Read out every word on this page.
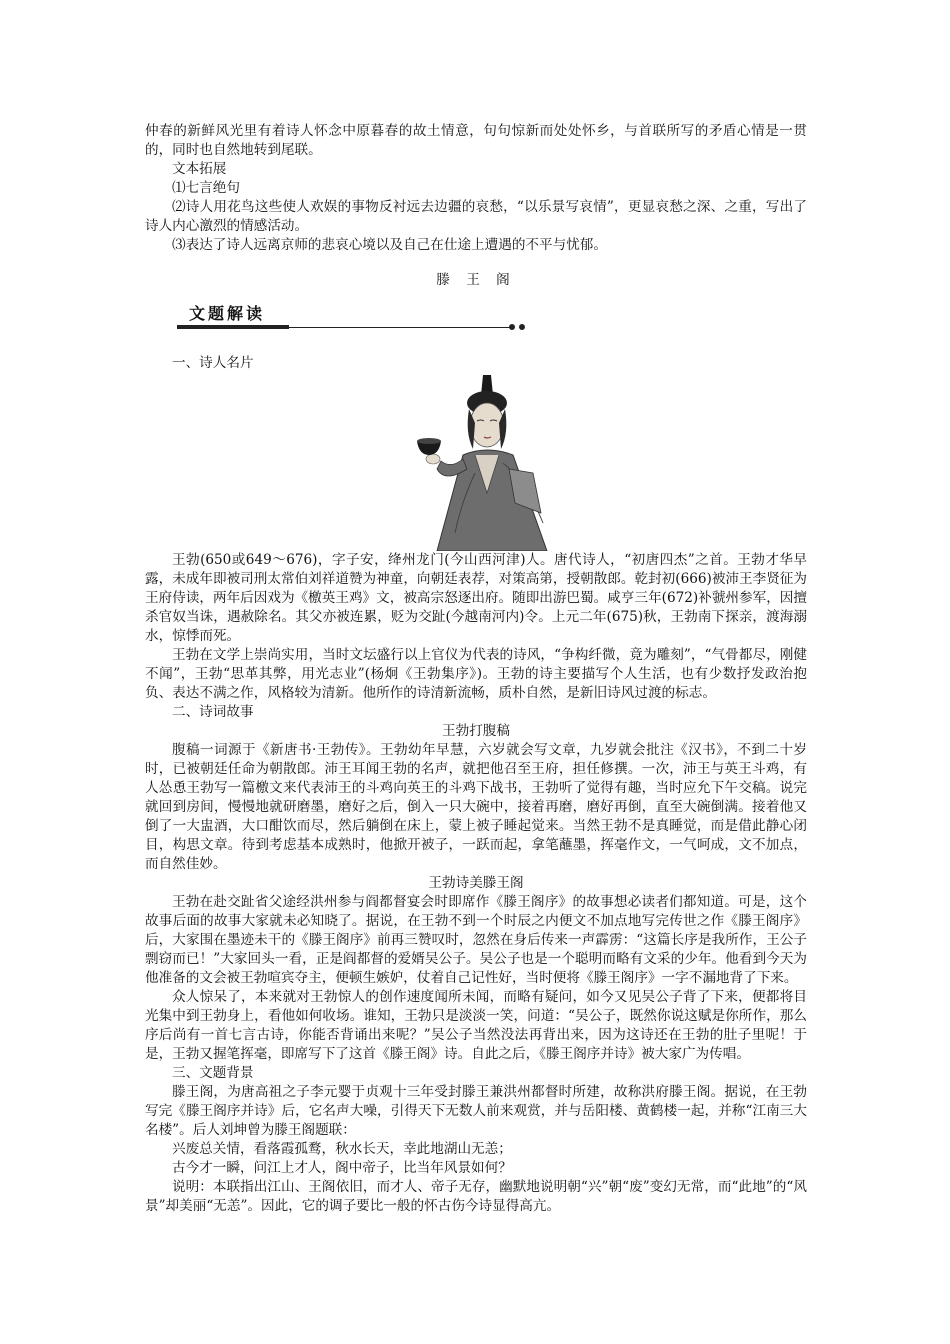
仲春的新鲜风光里有着诗人怀念中原暮春的故土情意，句句惊新而处处怀乡，与首联所写的矛盾心情是一贯的，同时也自然地转到尾联。

文本拓展

⑴七言绝句

⑵诗人用花鸟这些使人欢娱的事物反衬远去边疆的哀愁，“以乐景写哀情”，更显哀愁之深、之重，写出了诗人内心激烈的情感活动。

⑶表达了诗人远离京师的悲哀心境以及自己在仕途上遭遇的不平与忧郁。

滕 王 阁

文题解读

一、诗人名片

王勃(650或649～676)，字子安，绛州龙门(今山西河津)人。唐代诗人，“初唐四杰”之首。王勃才华早露，未成年即被司刑太常伯刘祥道赞为神童，向朝廷表荐，对策高第，授朝散郎。乾封初(666)被沛王李贤征为王府侍读，两年后因戏为《檄英王鸡》文，被高宗怒逐出府。随即出游巴蜀。咸亨三年(672)补虢州参军，因擅杀官奴当诛，遇赦除名。其父亦被连累，贬为交趾(今越南河内)令。上元二年(675)秋，王勃南下探亲，渡海溺水，惊悸而死。

王勃在文学上崇尚实用，当时文坛盛行以上官仪为代表的诗风，“争构纤微，竟为雕刻”，“气骨都尽，刚健不闻”，王勃“思革其弊，用光志业”(杨炯《王勃集序》)。王勃的诗主要描写个人生活，也有少数抒发政治抱负、表达不满之作，风格较为清新。他所作的诗清新流畅，质朴自然，是新旧诗风过渡的标志。

二、诗词故事

王勃打腹稿

腹稿一词源于《新唐书·王勃传》。王勃幼年早慧，六岁就会写文章，九岁就会批注《汉书》，不到二十岁时，已被朝廷任命为朝散郎。沛王耳闻王勃的名声，就把他召至王府，担任修撰。一次，沛王与英王斗鸡，有人怂恿王勃写一篇檄文来代表沛王的斗鸡向英王的斗鸡下战书，王勃听了觉得有趣，当时应允下午交稿。说完就回到房间，慢慢地就研磨墨，磨好之后，倒入一只大碗中，接着再磨，磨好再倒，直至大碗倒满。接着他又倒了一大盅酒，大口酣饮而尽，然后躺倒在床上，蒙上被子睡起觉来。当然王勃不是真睡觉，而是借此静心闭目，构思文章。待到考虑基本成熟时，他掀开被子，一跃而起，拿笔蘸墨，挥毫作文，一气呵成，文不加点，而自然佳妙。

王勃诗美滕王阁

王勃在赴交趾省父途经洪州参与阎都督宴会时即席作《滕王阁序》的故事想必读者们都知道。可是，这个故事后面的故事大家就未必知晓了。据说，在王勃不到一个时辰之内便文不加点地写完传世之作《滕王阁序》后，大家围在墨迹未干的《滕王阁序》前再三赞叹时，忽然在身后传来一声霹雳：“这篇长序是我所作，王公子剽窃而已！”大家回头一看，正是阎都督的爱婿吴公子。吴公子也是一个聪明而略有文采的少年。他看到今天为他准备的文会被王勃喧宾夺主，便顿生嫉妒，仗着自己记性好，当时便将《滕王阁序》一字不漏地背了下来。

众人惊呆了，本来就对王勃惊人的创作速度闻所未闻，而略有疑问，如今又见吴公子背了下来，便都将目光集中到王勃身上，看他如何收场。谁知，王勃只是淡淡一笑，问道：“吴公子，既然你说这赋是你所作，那么序后尚有一首七言古诗，你能否背诵出来呢？”吴公子当然没法再背出来，因为这诗还在王勃的肚子里呢！于是，王勃又握笔挥毫，即席写下了这首《滕王阁》诗。自此之后，《滕王阁序并诗》被大家广为传唱。

三、文题背景

滕王阁，为唐高祖之子李元婴于贞观十三年受封滕王兼洪州都督时所建，故称洪府滕王阁。据说，在王勃写完《滕王阁序并诗》后，它名声大噪，引得天下无数人前来观赏，并与岳阳楼、黄鹤楼一起，并称“江南三大名楼”。后人刘坤曾为滕王阁题联：

兴废总关情，看落霞孤鹜，秋水长天，幸此地湖山无恙；

古今才一瞬，问江上才人，阁中帝子，比当年风景如何？

说明：本联指出江山、王阁依旧，而才人、帝子无存，幽默地说明朝“兴”朝“废”变幻无常，而“此地”的“风景”却美丽“无恙”。因此，它的调子要比一般的怀古伤今诗显得高亢。
